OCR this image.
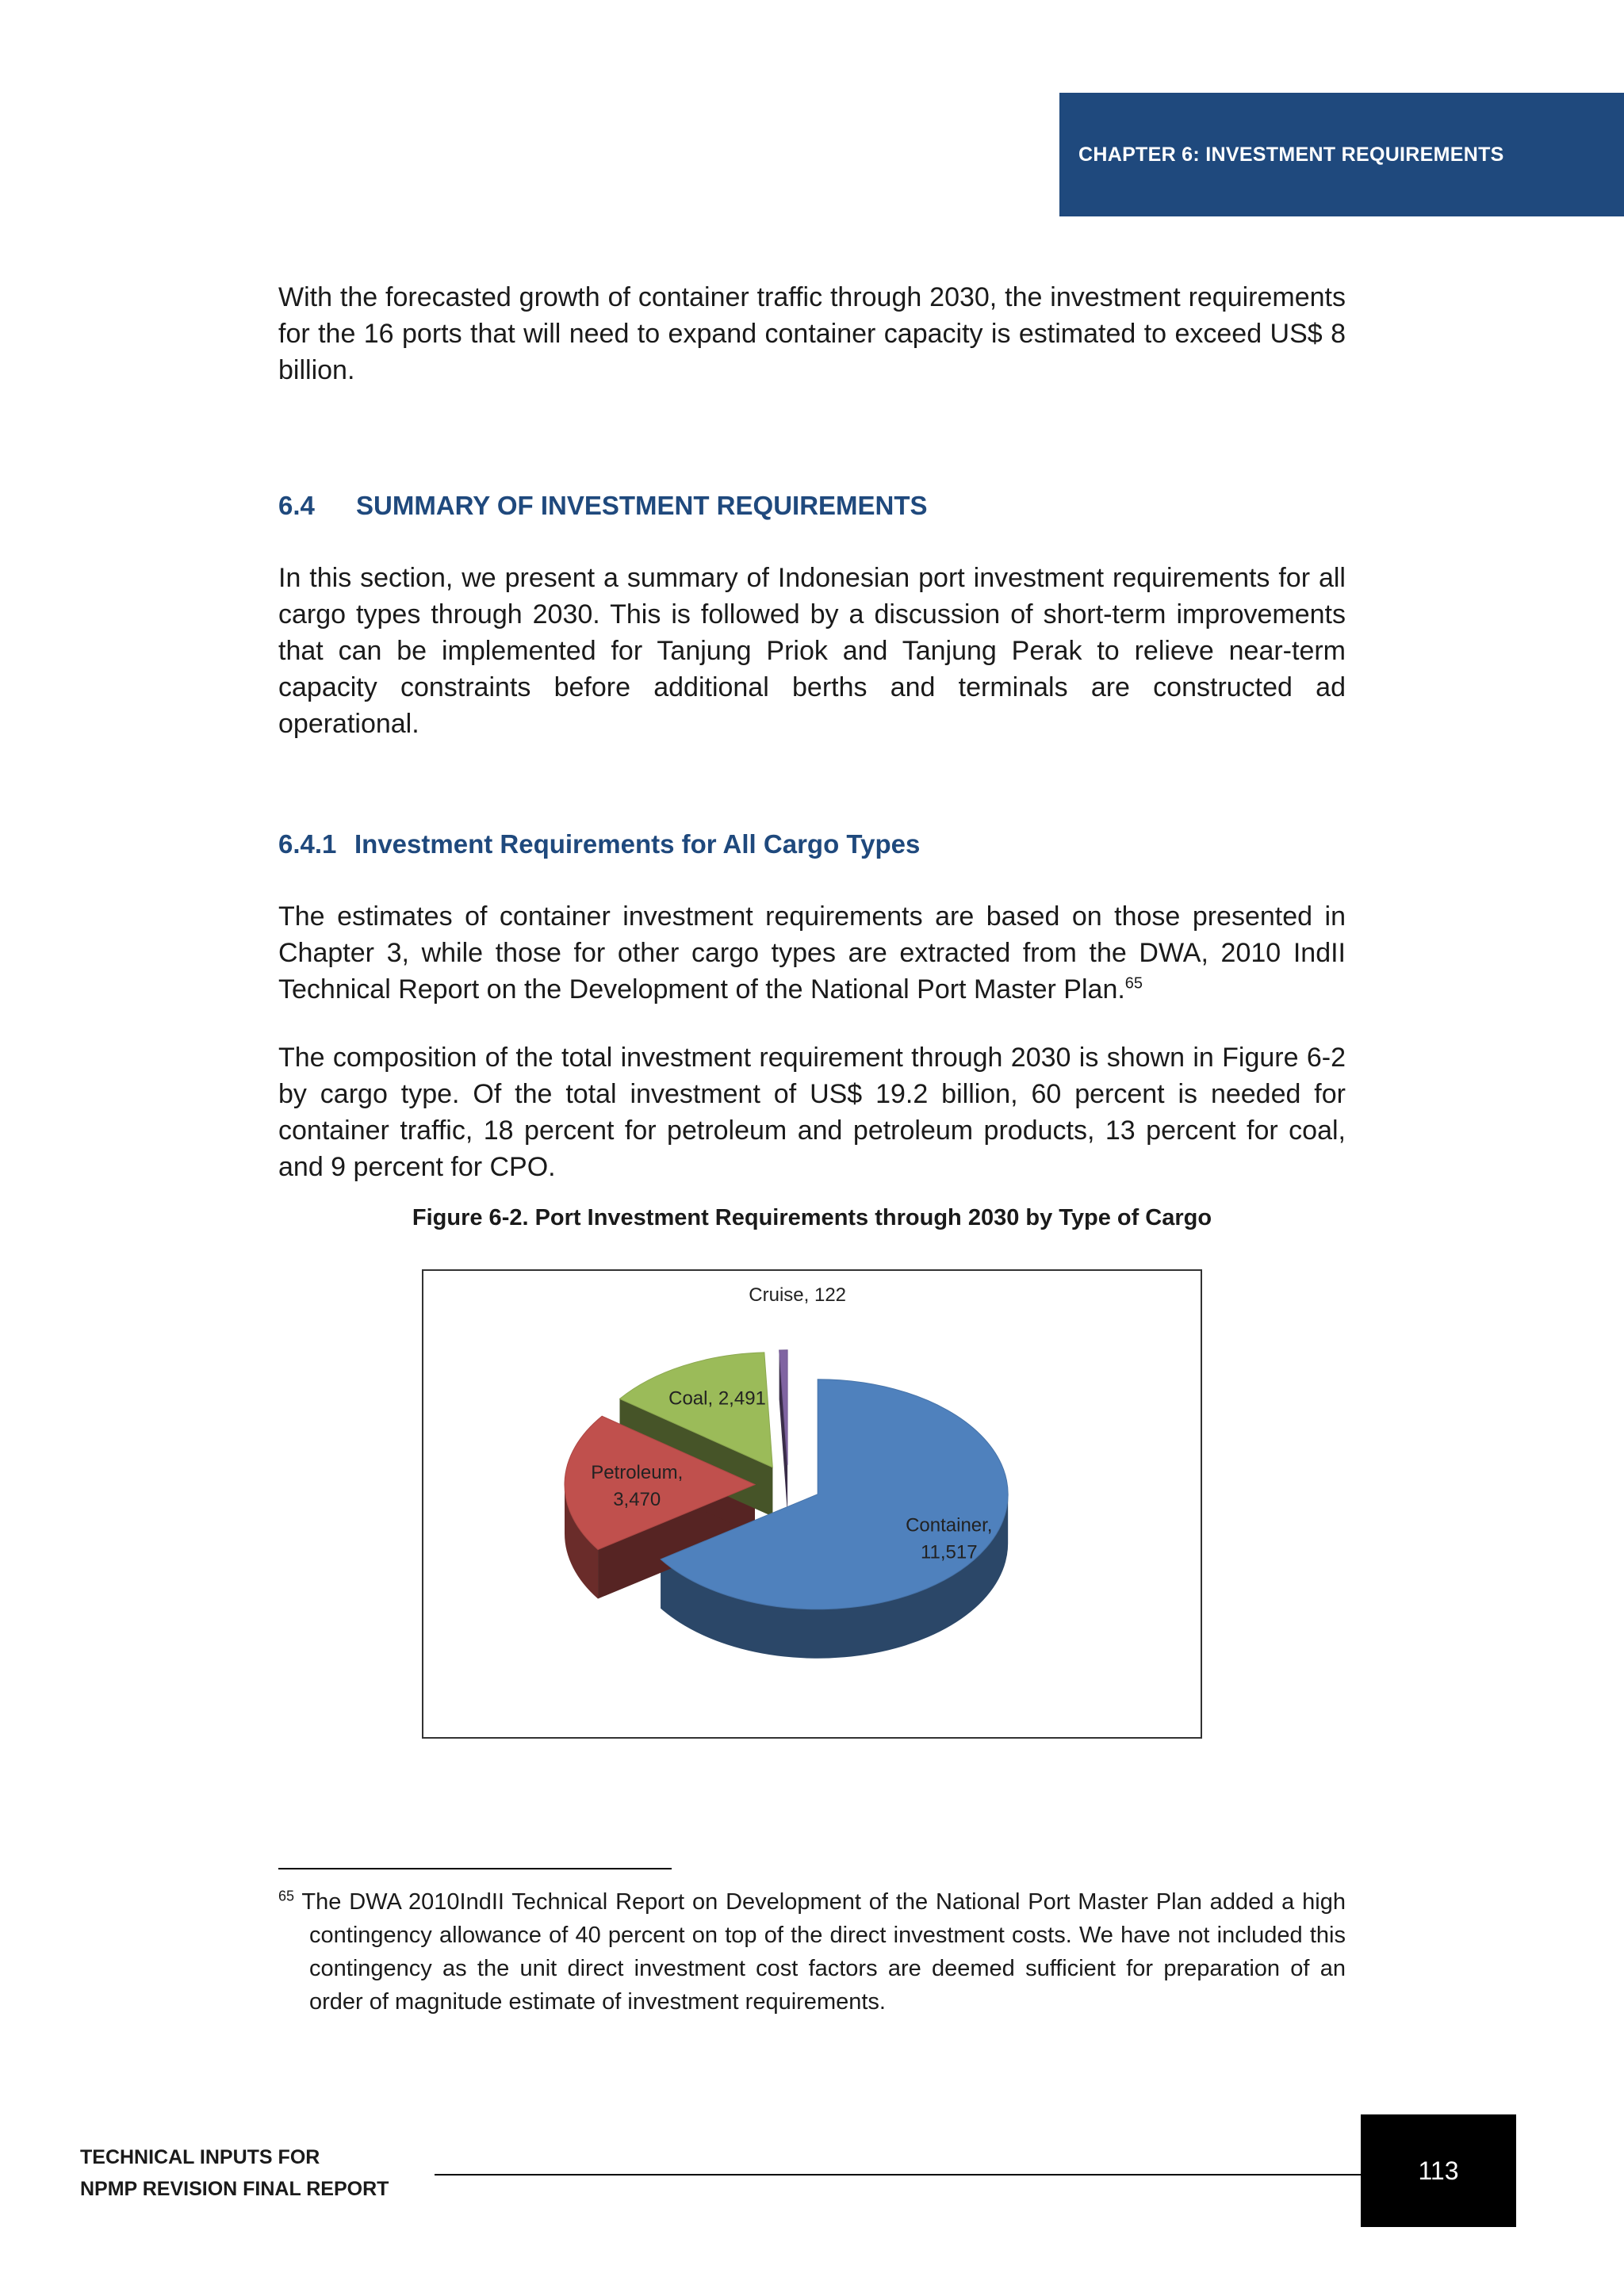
CHAPTER 6: INVESTMENT REQUIREMENTS

With the forecasted growth of container traffic through 2030, the investment requirements for the 16 ports that will need to expand container capacity is estimated to exceed US$ 8 billion.

6.4 SUMMARY OF INVESTMENT REQUIREMENTS

In this section, we present a summary of Indonesian port investment requirements for all cargo types through 2030. This is followed by a discussion of short-term improvements that can be implemented for Tanjung Priok and Tanjung Perak to relieve near-term capacity constraints before additional berths and terminals are constructed ad operational.

6.4.1 Investment Requirements for All Cargo Types

The estimates of container investment requirements are based on those presented in Chapter 3, while those for other cargo types are extracted from the DWA, 2010 IndII Technical Report on the Development of the National Port Master Plan.$^{65}$

The composition of the total investment requirement through 2030 is shown in Figure 6-2 by cargo type. Of the total investment of US$ 19.2 billion, 60 percent is needed for container traffic, 18 percent for petroleum and petroleum products, 13 percent for coal, and 9 percent for CPO.

Figure 6-2. Port Investment Requirements through 2030 by Type of Cargo
Container, 11,517
Petroleum, 3,470
Coal, 2,491
Cruise, 122
$^{65}$ The DWA 2010IndII Technical Report on Development of the National Port Master Plan added a high contingency allowance of 40 percent on top of the direct investment costs. We have not included this contingency as the unit direct investment cost factors are deemed sufficient for preparation of an order of magnitude estimate of investment requirements.
TECHNICAL INPUTS FOR
NPMP REVISION FINAL REPORT
113
